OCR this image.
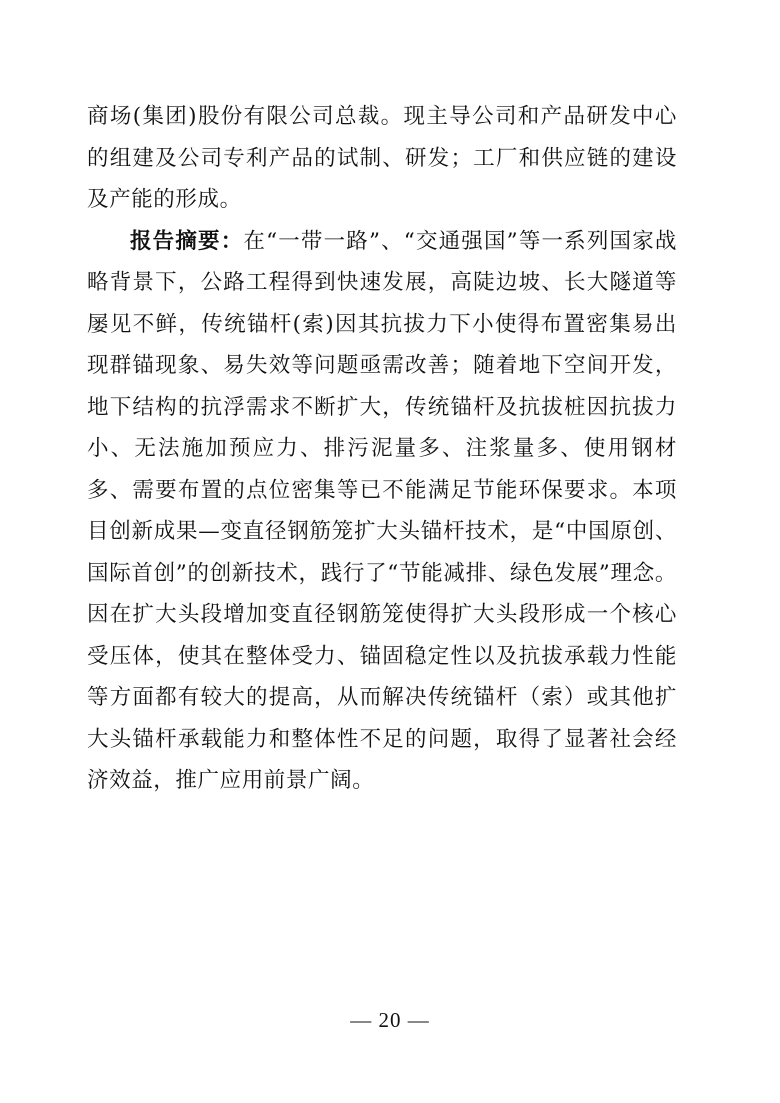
商场(集团)股份有限公司总裁。现主导公司和产品研发中心的组建及公司专利产品的试制、研发；工厂和供应链的建设及产能的形成。

报告摘要：在“一带一路”、“交通强国”等一系列国家战略背景下，公路工程得到快速发展，高陡边坡、长大隧道等屡见不鲜，传统锚杆(索)因其抗拔力下小使得布置密集易出现群锚现象、易失效等问题亟需改善；随着地下空间开发，地下结构的抗浮需求不断扩大，传统锚杆及抗拔桩因抗拔力小、无法施加预应力、排污泥量多、注浆量多、使用钢材多、需要布置的点位密集等已不能满足节能环保要求。本项目创新成果—变直径钢筋笼扩大头锚杆技术，是“中国原创、国际首创”的创新技术，践行了“节能减排、绿色发展”理念。因在扩大头段增加变直径钢筋笼使得扩大头段形成一个核心受压体，使其在整体受力、锚固稳定性以及抗拔承载力性能等方面都有较大的提高，从而解决传统锚杆（索）或其他扩大头锚杆承载能力和整体性不足的问题，取得了显著社会经济效益，推广应用前景广阔。

— 20 —
